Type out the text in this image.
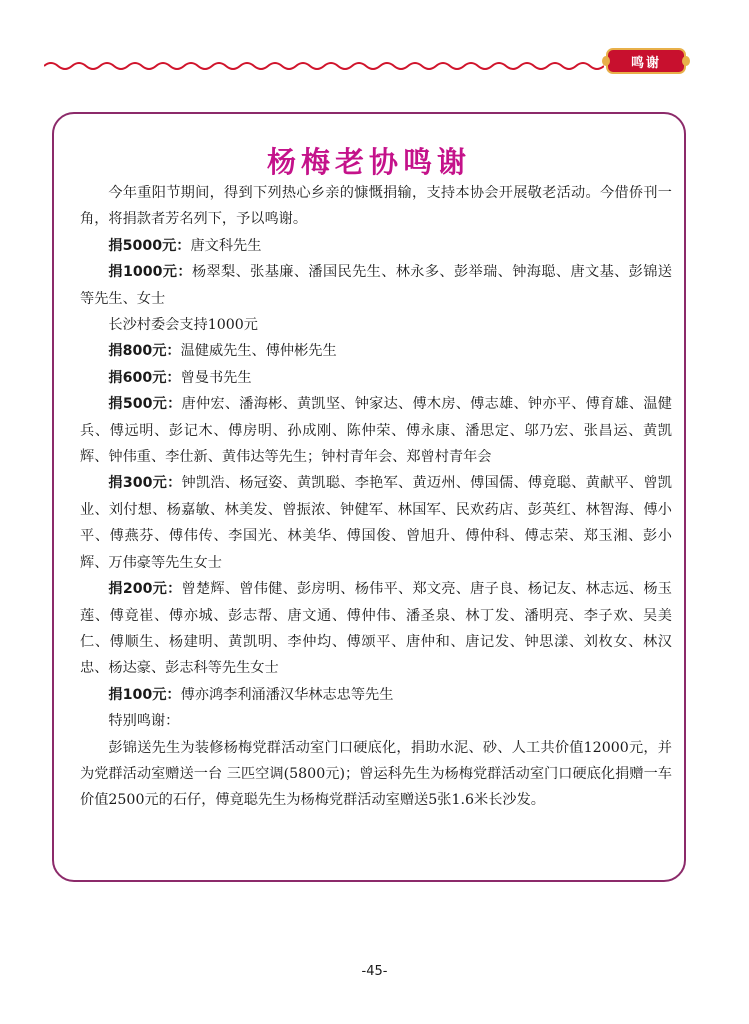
鸣谢
杨梅老协鸣谢

今年重阳节期间，得到下列热心乡亲的慷慨捐输，支持本协会开展敬老活动。今借侨刊一角，将捐款者芳名列下，予以鸣谢。

捐5000元：唐文科先生

捐1000元：杨翠梨、张基廉、潘国民先生、林永多、彭举瑞、钟海聪、唐文基、彭锦送等先生、女士

长沙村委会支持1000元

捐800元：温健威先生、傅仲彬先生

捐600元：曾曼书先生

捐500元：唐仲宏、潘海彬、黄凯坚、钟家达、傅木房、傅志雄、钟亦平、傅育雄、温健兵、傅远明、彭记木、傅房明、孙成刚、陈仲荣、傅永康、潘思定、邬乃宏、张昌运、黄凯辉、钟伟重、李仕新、黄伟达等先生；钟村青年会、郑曾村青年会

捐300元：钟凯浩、杨冠姿、黄凯聪、李艳军、黄迈州、傅国儒、傅竟聪、黄献平、曾凯业、刘付想、杨嘉敏、林美发、曾振浓、钟健军、林国军、民欢药店、彭英红、林智海、傅小平、傅燕芬、傅伟传、李国光、林美华、傅国俊、曾旭升、傅仲科、傅志荣、郑玉湘、彭小辉、万伟豪等先生女士

捐200元：曾楚辉、曾伟健、彭房明、杨伟平、郑文亮、唐子良、杨记友、林志远、杨玉莲、傅竟崔、傅亦城、彭志帮、唐文通、傅仲伟、潘圣泉、林丁发、潘明亮、李子欢、吴美仁、傅顺生、杨建明、黄凯明、李仲均、傅颂平、唐仲和、唐记发、钟思漾、刘枚女、林汉忠、杨达豪、彭志科等先生女士

捐100元：傅亦鸿李利涌潘汉华林志忠等先生

特别鸣谢：

彭锦送先生为装修杨梅党群活动室门口硬底化，捐助水泥、砂、人工共价值12000元，并为党群活动室赠送一台 三匹空调(5800元)；曾运科先生为杨梅党群活动室门口硬底化捐赠一车价值2500元的石仔，傅竟聪先生为杨梅党群活动室赠送5张1.6米长沙发。

-45-
